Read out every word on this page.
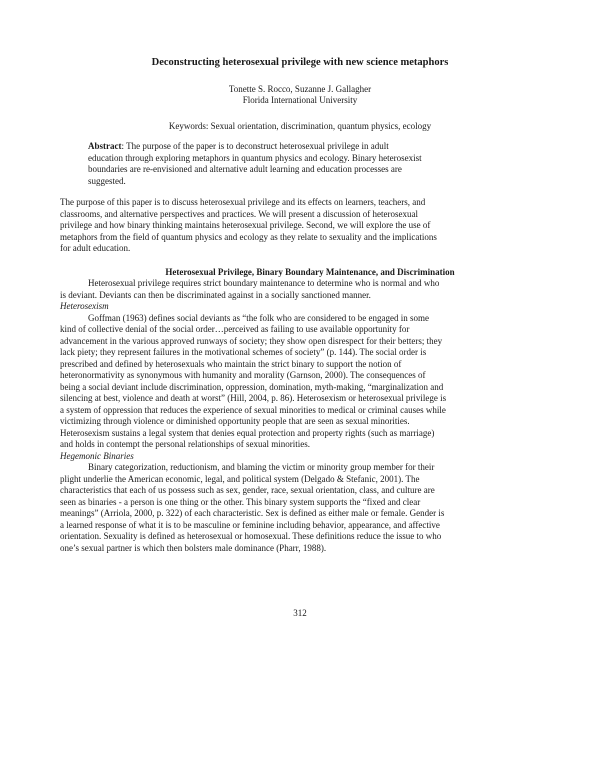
Deconstructing heterosexual privilege with new science metaphors
Tonette S. Rocco, Suzanne J. Gallagher
Florida International University

Keywords: Sexual orientation, discrimination, quantum physics, ecology

Abstract: The purpose of the paper is to deconstruct heterosexual privilege in adult education through exploring metaphors in quantum physics and ecology. Binary heterosexist boundaries are re-envisioned and alternative adult learning and education processes are suggested.

The purpose of this paper is to discuss heterosexual privilege and its effects on learners, teachers, and classrooms, and alternative perspectives and practices. We will present a discussion of heterosexual privilege and how binary thinking maintains heterosexual privilege. Second, we will explore the use of metaphors from the field of quantum physics and ecology as they relate to sexuality and the implications for adult education.

Heterosexual Privilege, Binary Boundary Maintenance, and Discrimination

Heterosexual privilege requires strict boundary maintenance to determine who is normal and who is deviant. Deviants can then be discriminated against in a socially sanctioned manner.

Heterosexism

Goffman (1963) defines social deviants as “the folk who are considered to be engaged in some kind of collective denial of the social order…perceived as failing to use available opportunity for advancement in the various approved runways of society; they show open disrespect for their betters; they lack piety; they represent failures in the motivational schemes of society” (p. 144). The social order is prescribed and defined by heterosexuals who maintain the strict binary to support the notion of heteronormativity as synonymous with humanity and morality (Garnson, 2000). The consequences of being a social deviant include discrimination, oppression, domination, myth-making, “marginalization and silencing at best, violence and death at worst” (Hill, 2004, p. 86). Heterosexism or heterosexual privilege is a system of oppression that reduces the experience of sexual minorities to medical or criminal causes while victimizing through violence or diminished opportunity people that are seen as sexual minorities. Heterosexism sustains a legal system that denies equal protection and property rights (such as marriage) and holds in contempt the personal relationships of sexual minorities.

Hegemonic Binaries

Binary categorization, reductionism, and blaming the victim or minority group member for their plight underlie the American economic, legal, and political system (Delgado & Stefanic, 2001). The characteristics that each of us possess such as sex, gender, race, sexual orientation, class, and culture are seen as binaries - a person is one thing or the other. This binary system supports the “fixed and clear meanings” (Arriola, 2000, p. 322) of each characteristic. Sex is defined as either male or female. Gender is a learned response of what it is to be masculine or feminine including behavior, appearance, and affective orientation. Sexuality is defined as heterosexual or homosexual. These definitions reduce the issue to who one’s sexual partner is which then bolsters male dominance (Pharr, 1988).

312
